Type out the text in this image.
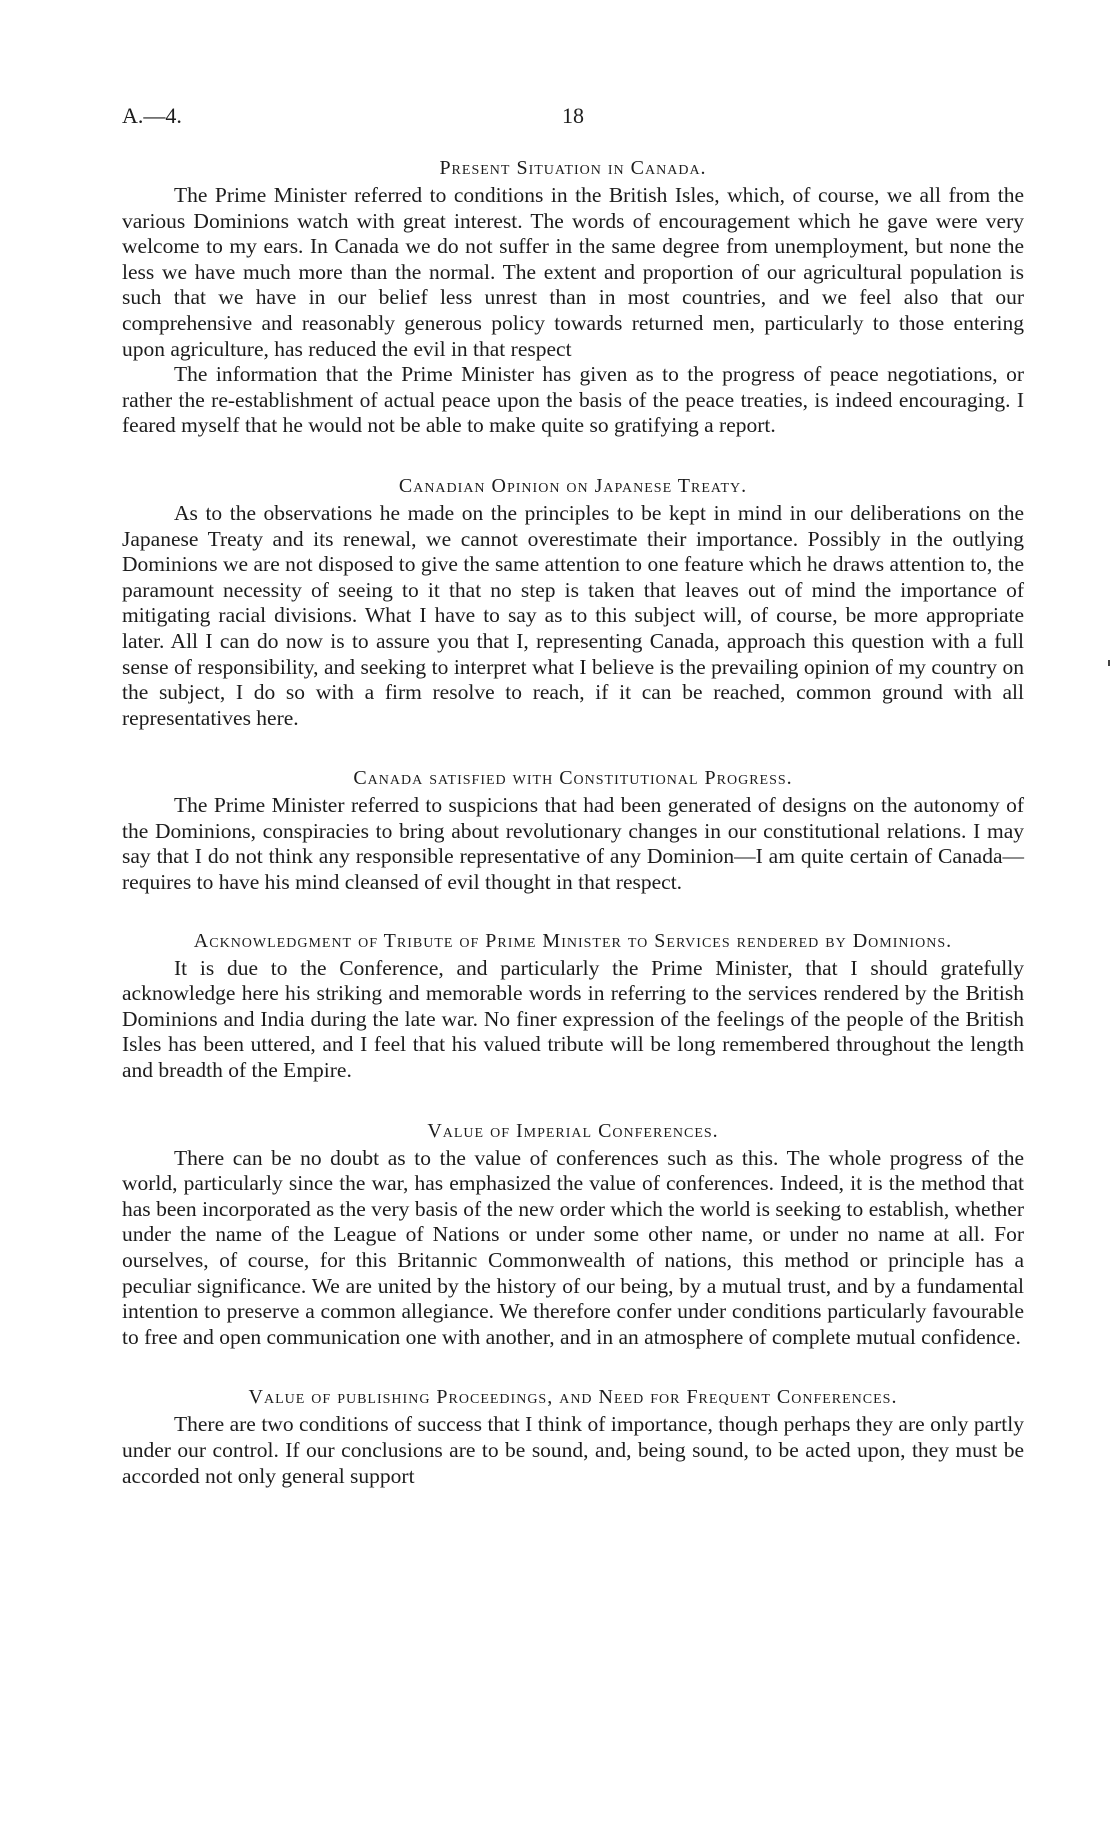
A.—4.	18
Present Situation in Canada.

The Prime Minister referred to conditions in the British Isles, which, of course, we all from the various Dominions watch with great interest. The words of encouragement which he gave were very welcome to my ears. In Canada we do not suffer in the same degree from unemployment, but none the less we have much more than the normal. The extent and proportion of our agricultural population is such that we have in our belief less unrest than in most countries, and we feel also that our comprehensive and reasonably generous policy towards returned men, particularly to those entering upon agriculture, has reduced the evil in that respect

The information that the Prime Minister has given as to the progress of peace negotiations, or rather the re-establishment of actual peace upon the basis of the peace treaties, is indeed encouraging. I feared myself that he would not be able to make quite so gratifying a report.

Canadian Opinion on Japanese Treaty.

As to the observations he made on the principles to be kept in mind in our deliberations on the Japanese Treaty and its renewal, we cannot overestimate their importance. Possibly in the outlying Dominions we are not disposed to give the same attention to one feature which he draws attention to, the paramount necessity of seeing to it that no step is taken that leaves out of mind the importance of mitigating racial divisions. What I have to say as to this subject will, of course, be more appropriate later. All I can do now is to assure you that I, representing Canada, approach this question with a full sense of responsibility, and seeking to interpret what I believe is the prevailing opinion of my country on the subject, I do so with a firm resolve to reach, if it can be reached, common ground with all representatives here.

Canada satisfied with Constitutional Progress.

The Prime Minister referred to suspicions that had been generated of designs on the autonomy of the Dominions, conspiracies to bring about revolutionary changes in our constitutional relations. I may say that I do not think any responsible representative of any Dominion—I am quite certain of Canada—requires to have his mind cleansed of evil thought in that respect.

Acknowledgment of Tribute of Prime Minister to Services rendered by Dominions.

It is due to the Conference, and particularly the Prime Minister, that I should gratefully acknowledge here his striking and memorable words in referring to the services rendered by the British Dominions and India during the late war. No finer expression of the feelings of the people of the British Isles has been uttered, and I feel that his valued tribute will be long remembered throughout the length and breadth of the Empire.

Value of Imperial Conferences.

There can be no doubt as to the value of conferences such as this. The whole progress of the world, particularly since the war, has emphasized the value of conferences. Indeed, it is the method that has been incorporated as the very basis of the new order which the world is seeking to establish, whether under the name of the League of Nations or under some other name, or under no name at all. For ourselves, of course, for this Britannic Commonwealth of nations, this method or principle has a peculiar significance. We are united by the history of our being, by a mutual trust, and by a fundamental intention to preserve a common allegiance. We therefore confer under conditions particularly favourable to free and open communication one with another, and in an atmosphere of complete mutual confidence.

Value of publishing Proceedings, and Need for Frequent Conferences.

There are two conditions of success that I think of importance, though perhaps they are only partly under our control. If our conclusions are to be sound, and, being sound, to be acted upon, they must be accorded not only general support
